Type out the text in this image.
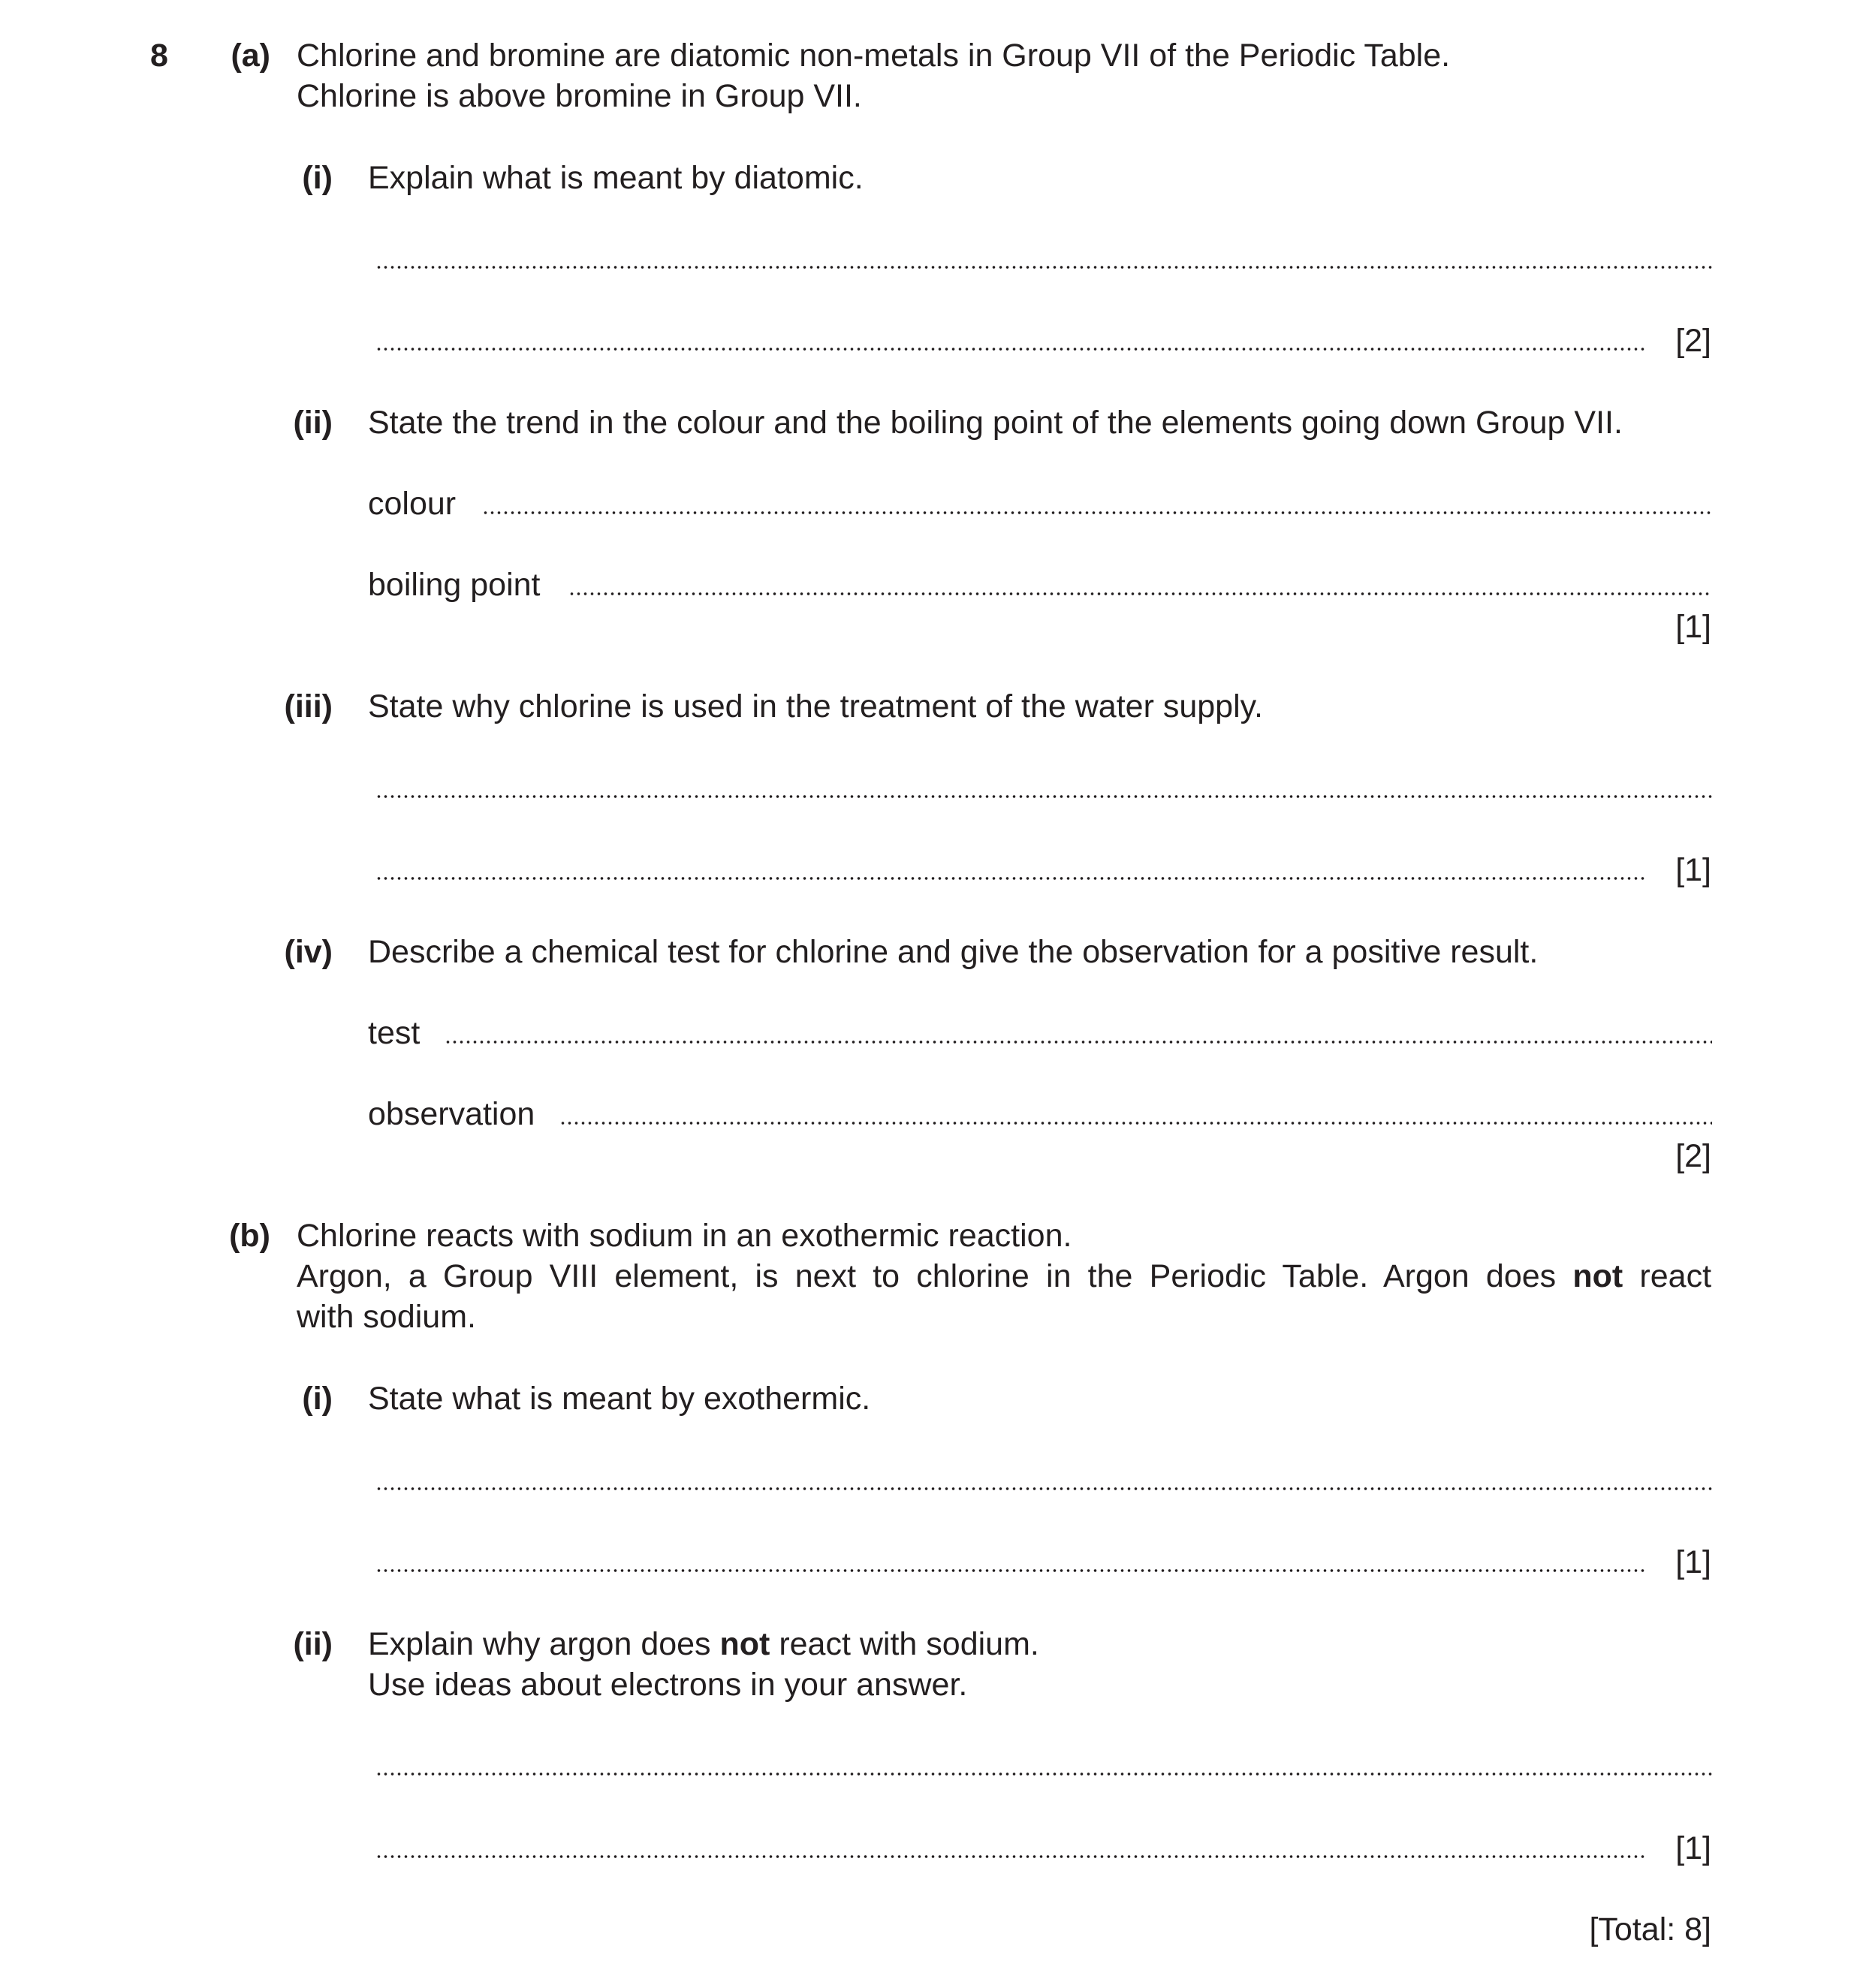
8	(a) Chlorine and bromine are diatomic non-metals in Group VII of the Periodic Table.
Chlorine is above bromine in Group VII.
(i) Explain what is meant by diatomic.
[2]
(ii) State the trend in the colour and the boiling point of the elements going down Group VII.
colour
boiling point
[1]
(iii) State why chlorine is used in the treatment of the water supply.
[1]
(iv) Describe a chemical test for chlorine and give the observation for a positive result.
test
observation
[2]
(b) Chlorine reacts with sodium in an exothermic reaction.
Argon, a Group VIII element, is next to chlorine in the Periodic Table. Argon does not react
with sodium.
(i) State what is meant by exothermic.
[1]
(ii) Explain why argon does not react with sodium.
Use ideas about electrons in your answer.
[1]
[Total: 8]
